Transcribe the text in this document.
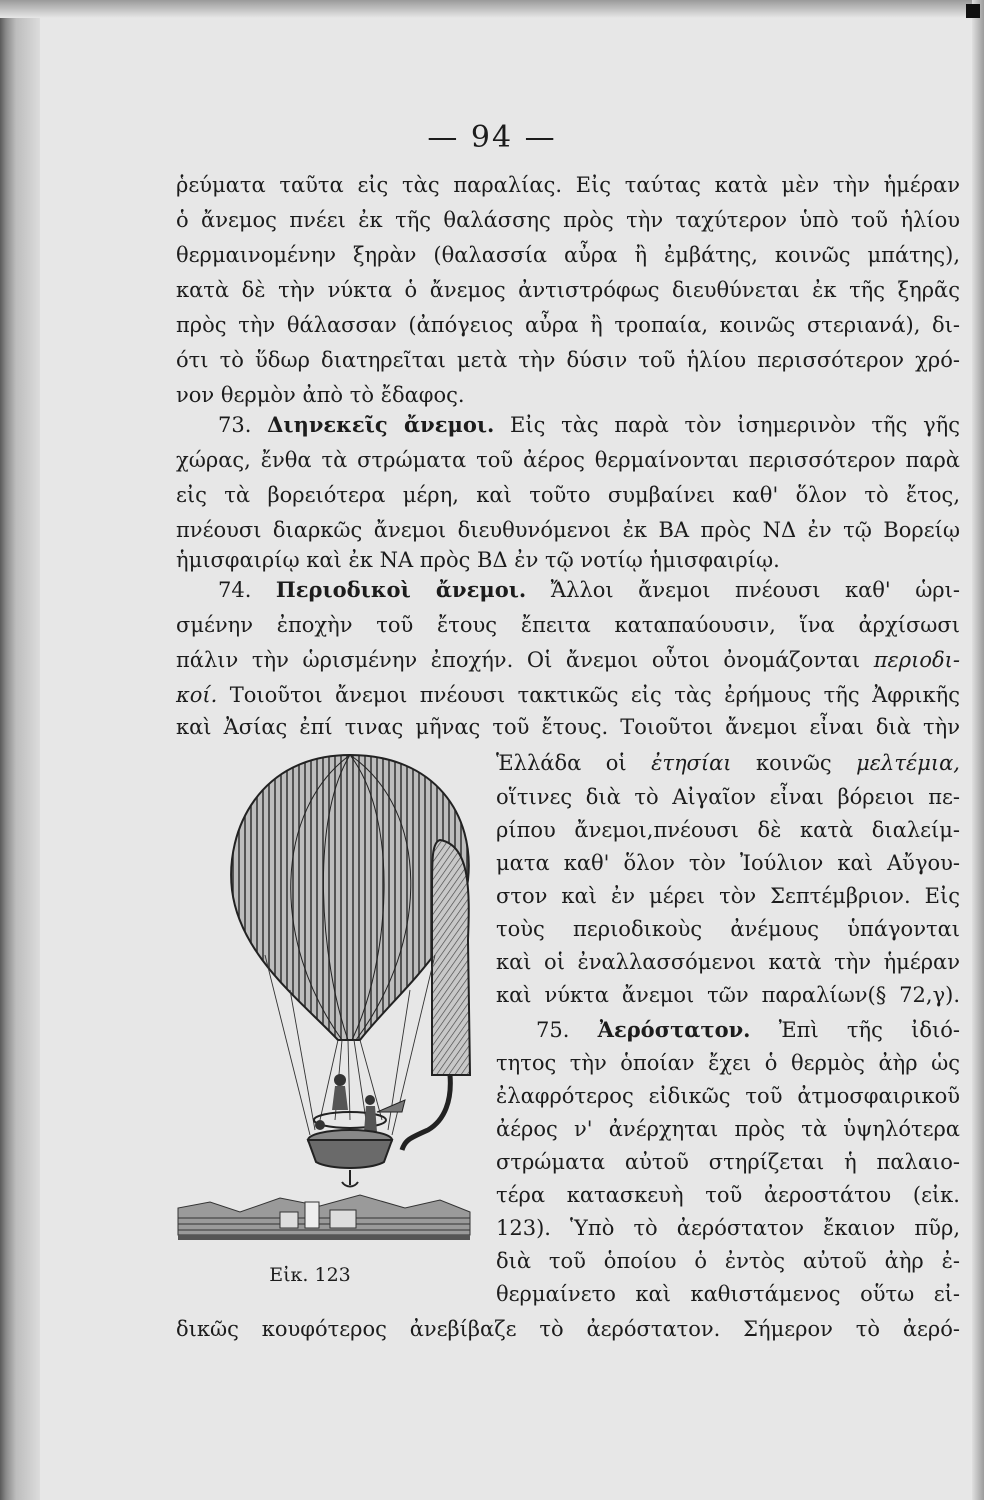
— 94 —
ῥεύματα ταῦτα εἰς τὰς παραλίας. Εἰς ταύτας κατὰ μὲν τὴν ἡμέραν
ὁ ἄνεμος πνέει ἐκ τῆς θαλάσσης πρὸς τὴν ταχύτερον ὑπὸ τοῦ ἡλίου
θερμαινομένην ξηρὰν (θαλασσία αὖρα ἢ ἐμβάτης, κοινῶς μπάτης),
κατὰ δὲ τὴν νύκτα ὁ ἄνεμος ἀντιστρόφως διευθύνεται ἐκ τῆς ξηρᾶς
πρὸς τὴν θάλασσαν (ἀπόγειος αὖρα ἢ τροπαία, κοινῶς στεριανά), δι-
ότι τὸ ὕδωρ διατηρεῖται μετὰ τὴν δύσιν τοῦ ἡλίου περισσότερον χρό-
νον θερμὸν ἀπὸ τὸ ἔδαφος.
73. Διηνεκεῖς ἄνεμοι. Εἰς τὰς παρὰ τὸν ἰσημερινὸν τῆς γῆς
χώρας, ἔνθα τὰ στρώματα τοῦ ἀέρος θερμαίνονται περισσότερον παρὰ
εἰς τὰ βορειότερα μέρη, καὶ τοῦτο συμβαίνει καθ' ὅλον τὸ ἔτος,
πνέουσι διαρκῶς ἄνεμοι διευθυνόμενοι ἐκ ΒΑ πρὸς ΝΔ ἐν τῷ Βορείῳ
ἡμισφαιρίῳ καὶ ἐκ ΝΑ πρὸς ΒΔ ἐν τῷ νοτίῳ ἡμισφαιρίῳ.
74. Περιοδικοὶ ἄνεμοι. Ἄλλοι ἄνεμοι πνέουσι καθ' ὡρι-
σμένην ἐποχὴν τοῦ ἔτους ἔπειτα καταπαύουσιν, ἵνα ἀρχίσωσι
πάλιν τὴν ὡρισμένην ἐποχήν. Οἱ ἄνεμοι οὗτοι ὀνομάζονται περιοδι-
κοί. Τοιοῦτοι ἄνεμοι πνέουσι τακτικῶς εἰς τὰς ἐρήμους τῆς Ἀφρικῆς
καὶ Ἀσίας ἐπί τινας μῆνας τοῦ ἔτους. Τοιοῦτοι ἄνεμοι εἶναι διὰ τὴν
Ἑλλάδα οἱ ἐτησίαι κοινῶς μελτέμια,
οἵτινες διὰ τὸ Αἰγαῖον εἶναι βόρειοι πε-
ρίπου ἄνεμοι,πνέουσι δὲ κατὰ διαλείμ-
ματα καθ' ὅλον τὸν Ἰούλιον καὶ Αὔγου-
στον καὶ ἐν μέρει τὸν Σεπτέμβριον. Εἰς
τοὺς περιοδικοὺς ἀνέμους ὑπάγονται
καὶ οἱ ἐναλλασσόμενοι κατὰ τὴν ἡμέραν
καὶ νύκτα ἄνεμοι τῶν παραλίων(§ 72,γ).
75. Ἀερόστατον. Ἐπὶ τῆς ἰδιό-
τητος τὴν ὁποίαν ἔχει ὁ θερμὸς ἀὴρ ὡς
ἐλαφρότερος εἰδικῶς τοῦ ἀτμοσφαιρικοῦ
ἀέρος ν' ἀνέρχηται πρὸς τὰ ὑψηλότερα
στρώματα αὐτοῦ στηρίζεται ἡ παλαιο-
τέρα κατασκευὴ τοῦ ἀεροστάτου (εἰκ.
123). Ὑπὸ τὸ ἀερόστατον ἔκαιον πῦρ,
διὰ τοῦ ὁποίου ὁ ἐντὸς αὐτοῦ ἀὴρ ἐ-
θερμαίνετο καὶ καθιστάμενος οὕτω εἰ-
δικῶς κουφότερος ἀνεβίβαζε τὸ ἀερόστατον. Σήμερον τὸ ἀερό-
Εἰκ. 123
